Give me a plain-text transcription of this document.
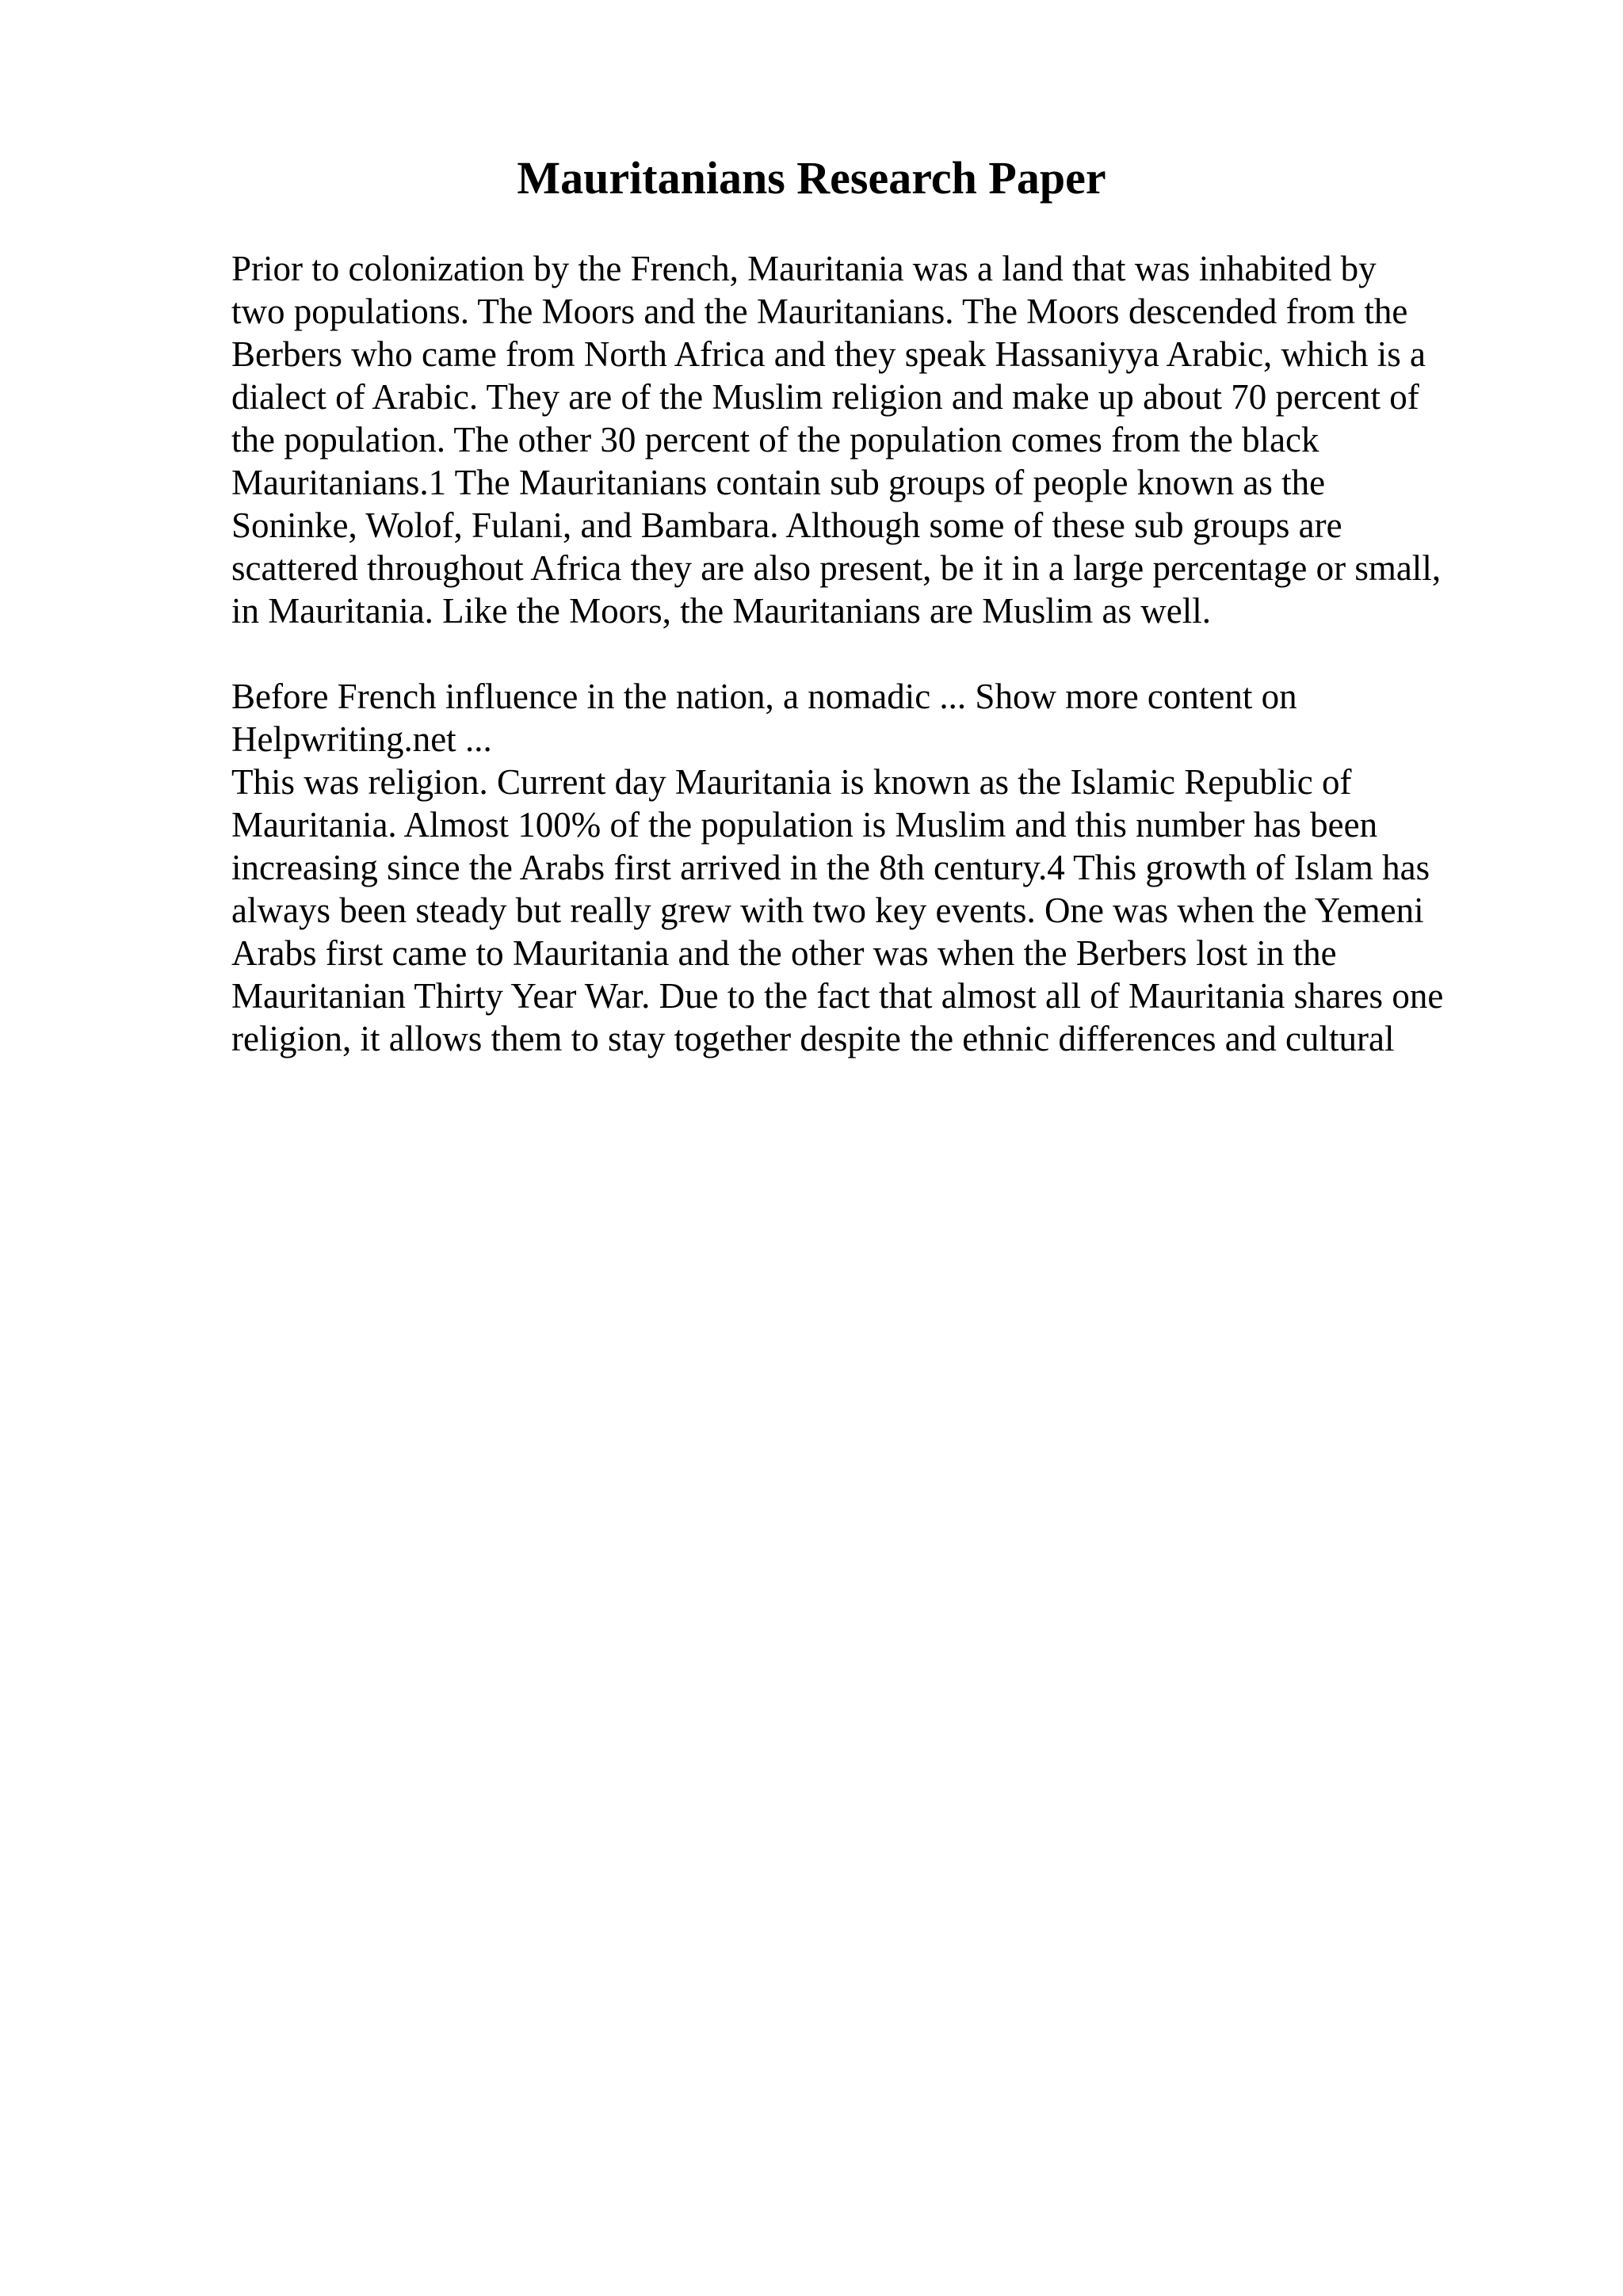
Mauritanians Research Paper
Prior to colonization by the French, Mauritania was a land that was inhabited by
two populations. The Moors and the Mauritanians. The Moors descended from the
Berbers who came from North Africa and they speak Hassaniyya Arabic, which is a
dialect of Arabic. They are of the Muslim religion and make up about 70 percent of
the population. The other 30 percent of the population comes from the black
Mauritanians.1 The Mauritanians contain sub groups of people known as the
Soninke, Wolof, Fulani, and Bambara. Although some of these sub groups are
scattered throughout Africa they are also present, be it in a large percentage or small,
in Mauritania. Like the Moors, the Mauritanians are Muslim as well.
Before French influence in the nation, a nomadic ... Show more content on
Helpwriting.net ...
This was religion. Current day Mauritania is known as the Islamic Republic of
Mauritania. Almost 100% of the population is Muslim and this number has been
increasing since the Arabs first arrived in the 8th century.4 This growth of Islam has
always been steady but really grew with two key events. One was when the Yemeni
Arabs first came to Mauritania and the other was when the Berbers lost in the
Mauritanian Thirty Year War. Due to the fact that almost all of Mauritania shares one
religion, it allows them to stay together despite the ethnic differences and cultural
